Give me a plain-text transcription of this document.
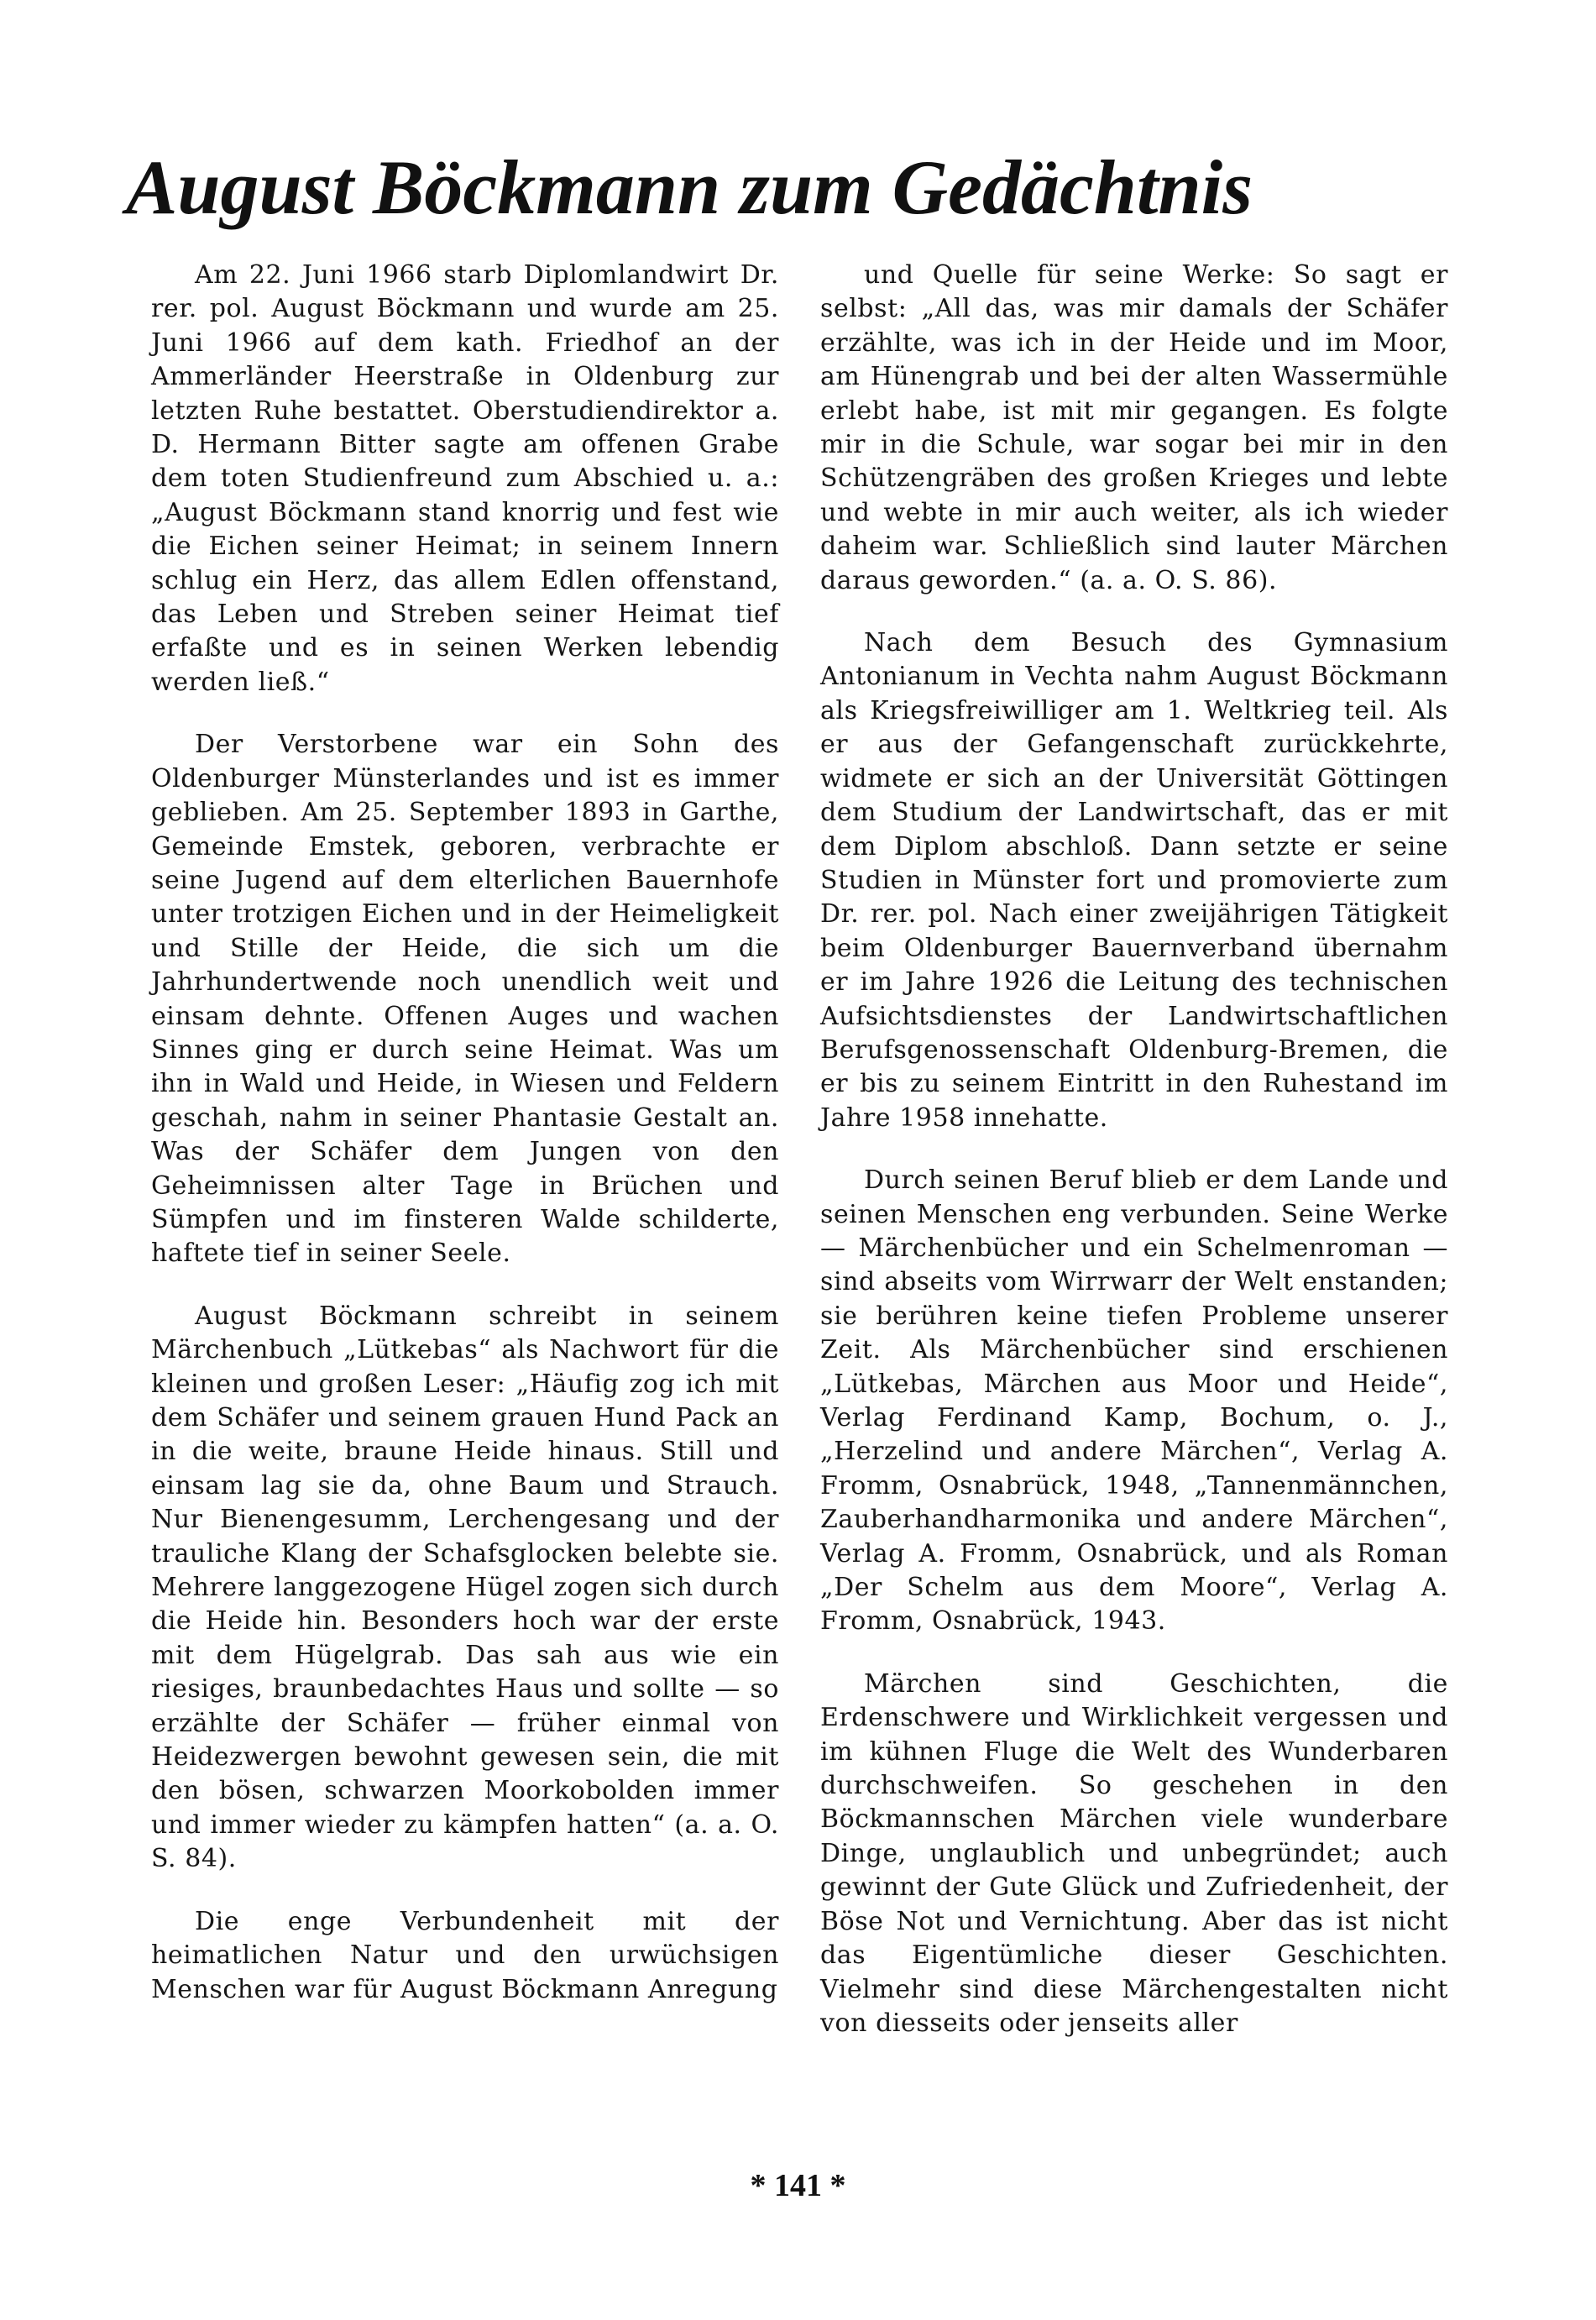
August Böckmann zum Gedächtnis

Am 22. Juni 1966 starb Diplomlandwirt Dr. rer. pol. August Böckmann und wurde am 25. Juni 1966 auf dem kath. Friedhof an der Ammerländer Heerstraße in Oldenburg zur letzten Ruhe bestattet. Oberstudiendirektor a. D. Hermann Bitter sagte am offenen Grabe dem toten Studienfreund zum Abschied u. a.: „August Böckmann stand knorrig und fest wie die Eichen seiner Heimat; in seinem Innern schlug ein Herz, das allem Edlen offenstand, das Leben und Streben seiner Heimat tief erfaßte und es in seinen Werken lebendig werden ließ.“

Der Verstorbene war ein Sohn des Oldenburger Münsterlandes und ist es immer geblieben. Am 25. September 1893 in Garthe, Gemeinde Emstek, geboren, verbrachte er seine Jugend auf dem elterlichen Bauernhofe unter trotzigen Eichen und in der Heimeligkeit und Stille der Heide, die sich um die Jahrhundertwende noch unendlich weit und einsam dehnte. Offenen Auges und wachen Sinnes ging er durch seine Heimat. Was um ihn in Wald und Heide, in Wiesen und Feldern geschah, nahm in seiner Phantasie Gestalt an. Was der Schäfer dem Jungen von den Geheimnissen alter Tage in Brüchen und Sümpfen und im finsteren Walde schilderte, haftete tief in seiner Seele.

August Böckmann schreibt in seinem Märchenbuch „Lütkebas“ als Nachwort für die kleinen und großen Leser: „Häufig zog ich mit dem Schäfer und seinem grauen Hund Pack an in die weite, braune Heide hinaus. Still und einsam lag sie da, ohne Baum und Strauch. Nur Bienengesumm, Lerchengesang und der trauliche Klang der Schafsglocken belebte sie. Mehrere langgezogene Hügel zogen sich durch die Heide hin. Besonders hoch war der erste mit dem Hügelgrab. Das sah aus wie ein riesiges, braunbedachtes Haus und sollte — so erzählte der Schäfer — früher einmal von Heidezwergen bewohnt gewesen sein, die mit den bösen, schwarzen Moorkobolden immer und immer wieder zu kämpfen hatten“ (a. a. O. S. 84).

Die enge Verbundenheit mit der heimatlichen Natur und den urwüchsigen Menschen war für August Böckmann Anregung

und Quelle für seine Werke: So sagt er selbst: „All das, was mir damals der Schäfer erzählte, was ich in der Heide und im Moor, am Hünengrab und bei der alten Wassermühle erlebt habe, ist mit mir gegangen. Es folgte mir in die Schule, war sogar bei mir in den Schützengräben des großen Krieges und lebte und webte in mir auch weiter, als ich wieder daheim war. Schließlich sind lauter Märchen daraus geworden.“ (a. a. O. S. 86).

Nach dem Besuch des Gymnasium Antonianum in Vechta nahm August Böckmann als Kriegsfreiwilliger am 1. Weltkrieg teil. Als er aus der Gefangenschaft zurückkehrte, widmete er sich an der Universität Göttingen dem Studium der Landwirtschaft, das er mit dem Diplom abschloß. Dann setzte er seine Studien in Münster fort und promovierte zum Dr. rer. pol. Nach einer zweijährigen Tätigkeit beim Oldenburger Bauernverband übernahm er im Jahre 1926 die Leitung des technischen Aufsichtsdienstes der Landwirtschaftlichen Berufsgenossenschaft Oldenburg-Bremen, die er bis zu seinem Eintritt in den Ruhestand im Jahre 1958 innehatte.

Durch seinen Beruf blieb er dem Lande und seinen Menschen eng verbunden. Seine Werke — Märchenbücher und ein Schelmenroman — sind abseits vom Wirrwarr der Welt enstanden; sie berühren keine tiefen Probleme unserer Zeit. Als Märchenbücher sind erschienen „Lütkebas, Märchen aus Moor und Heide“, Verlag Ferdinand Kamp, Bochum, o. J., „Herzelind und andere Märchen“, Verlag A. Fromm, Osnabrück, 1948, „Tannenmännchen, Zauberhandharmonika und andere Märchen“, Verlag A. Fromm, Osnabrück, und als Roman „Der Schelm aus dem Moore“, Verlag A. Fromm, Osnabrück, 1943.

Märchen sind Geschichten, die Erdenschwere und Wirklichkeit vergessen und im kühnen Fluge die Welt des Wunderbaren durchschweifen. So geschehen in den Böckmannschen Märchen viele wunderbare Dinge, unglaublich und unbegründet; auch gewinnt der Gute Glück und Zufriedenheit, der Böse Not und Vernichtung. Aber das ist nicht das Eigentümliche dieser Geschichten. Vielmehr sind diese Märchengestalten nicht von diesseits oder jenseits aller

* 141 *
